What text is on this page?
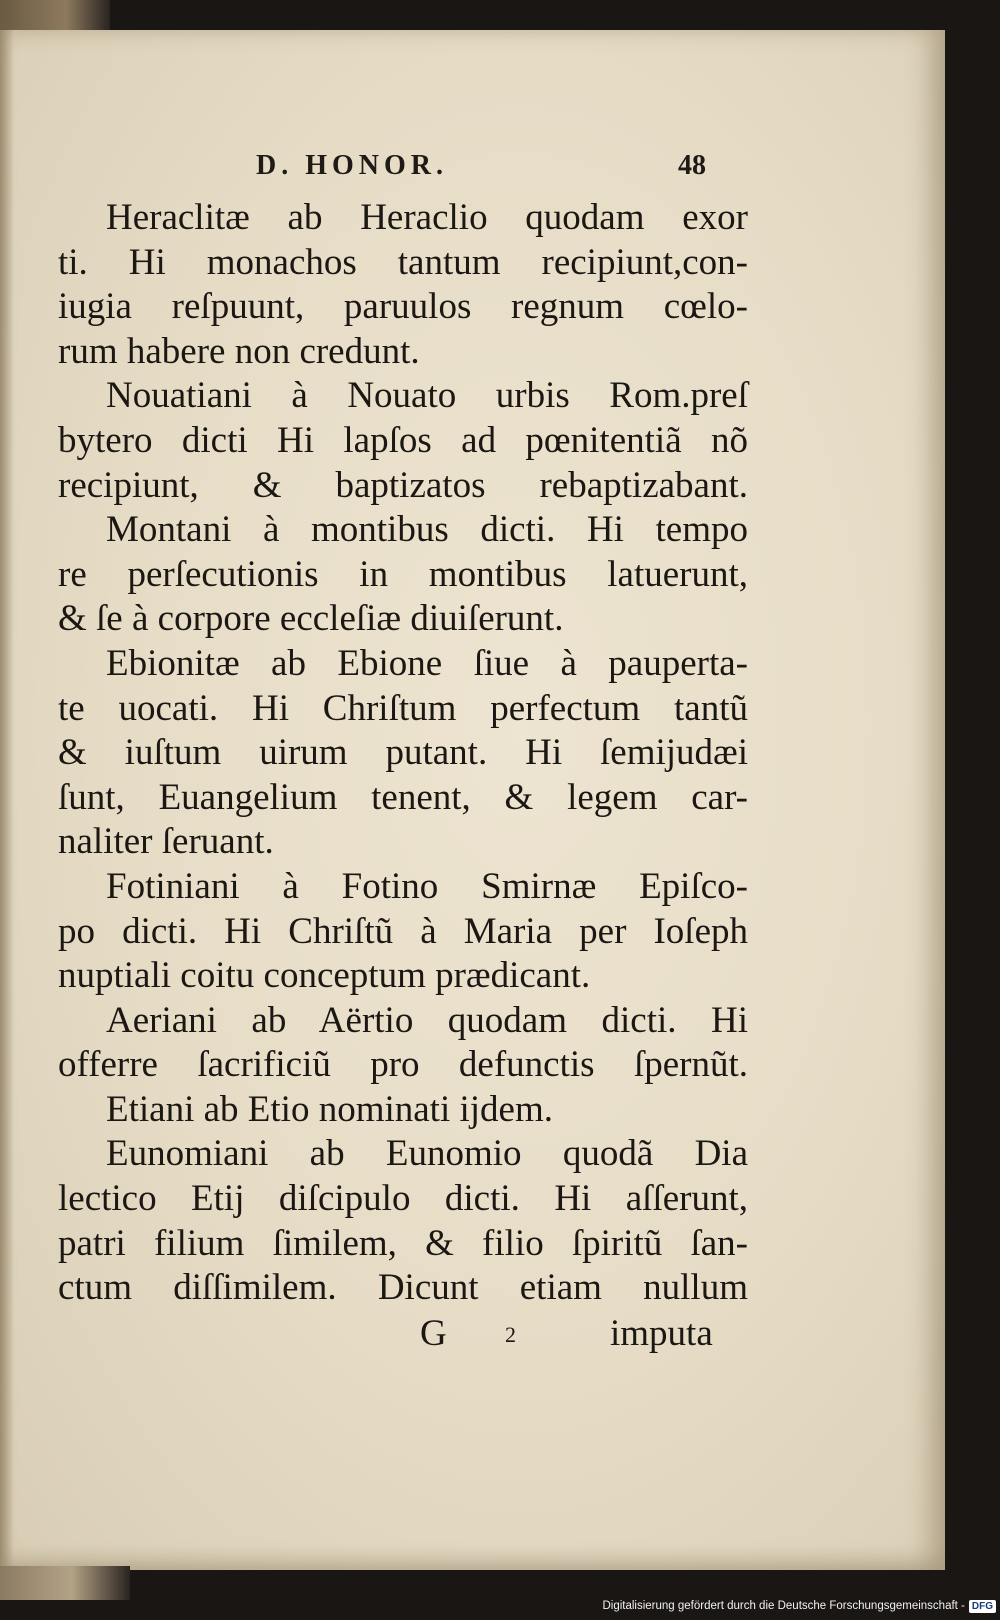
D. HONOR.	48
Heraclitæ ab Heraclio quodam exor
ti. Hi monachos tantum recipiunt,con-
iugia reſpuunt, paruulos regnum cœlo-
rum habere non credunt.
Nouatiani à Nouato urbis Rom.preſ
bytero dicti Hi lapſos ad pœnitentiã nõ
recipiunt, & baptizatos rebaptizabant.
Montani à montibus dicti. Hi tempo
re perſecutionis in montibus latuerunt,
& ſe à corpore eccleſiæ diuiſerunt.
Ebionitæ ab Ebione ſiue à pauperta-
te uocati. Hi Chriſtum perfectum tantũ
& iuſtum uirum putant. Hi ſemijudæi
ſunt, Euangelium tenent, & legem car-
naliter ſeruant.
Fotiniani à Fotino Smirnæ Epiſco-
po dicti. Hi Chriſtũ à Maria per Ioſeph
nuptiali coitu conceptum prædicant.
Aeriani ab Aërtio quodam dicti. Hi
offerre ſacrificiũ pro defunctis ſpernũt.
Etiani ab Etio nominati ijdem.
Eunomiani ab Eunomio quodã Dia
lectico Etij diſcipulo dicti. Hi aſſerunt,
patri filium ſimilem, & filio ſpiritũ ſan-
ctum diſſimilem. Dicunt etiam nullum
G	2	imputa
Digitalisierung gefördert durch die Deutsche Forschungsgemeinschaft - DFG
